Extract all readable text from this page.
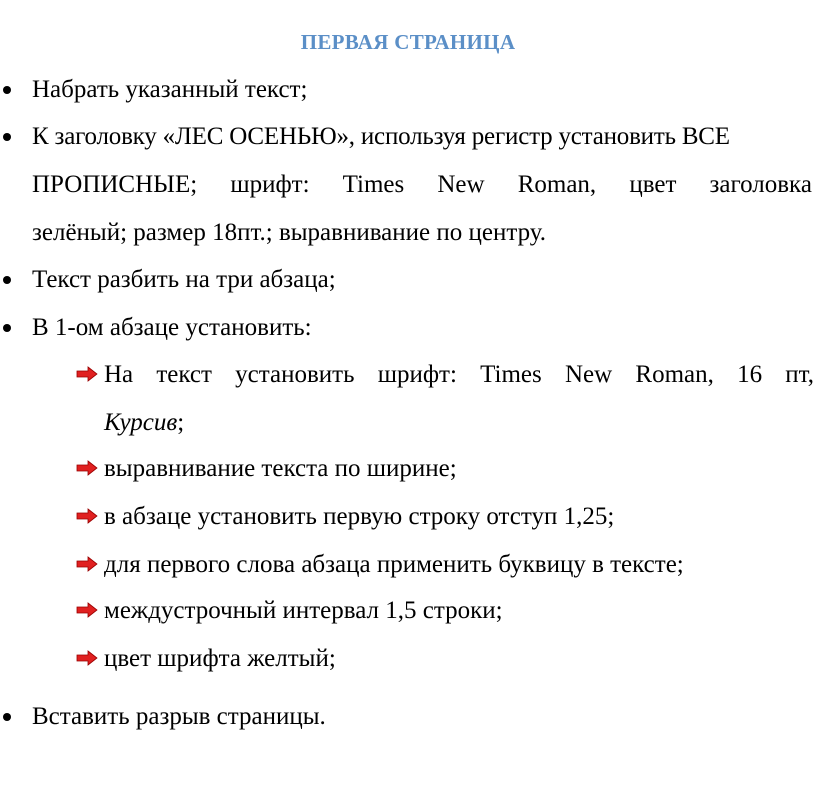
ПЕРВАЯ СТРАНИЦА
Набрать указанный текст;
К заголовку «ЛЕС ОСЕНЬЮ», используя регистр установить ВСЕ
ПРОПИСНЫЕ; шрифт: Times New Roman, цвет заголовка
зелёный; размер 18пт.; выравнивание по центру.
Текст разбить на три абзаца;
В 1-ом абзаце установить:
На текст установить шрифт: Times New Roman, 16 пт,
Курсив;
выравнивание текста по ширине;
в абзаце установить первую строку отступ 1,25;
для первого слова абзаца применить буквицу в тексте;
междустрочный интервал 1,5 строки;
цвет шрифта желтый;
Вставить разрыв страницы.
